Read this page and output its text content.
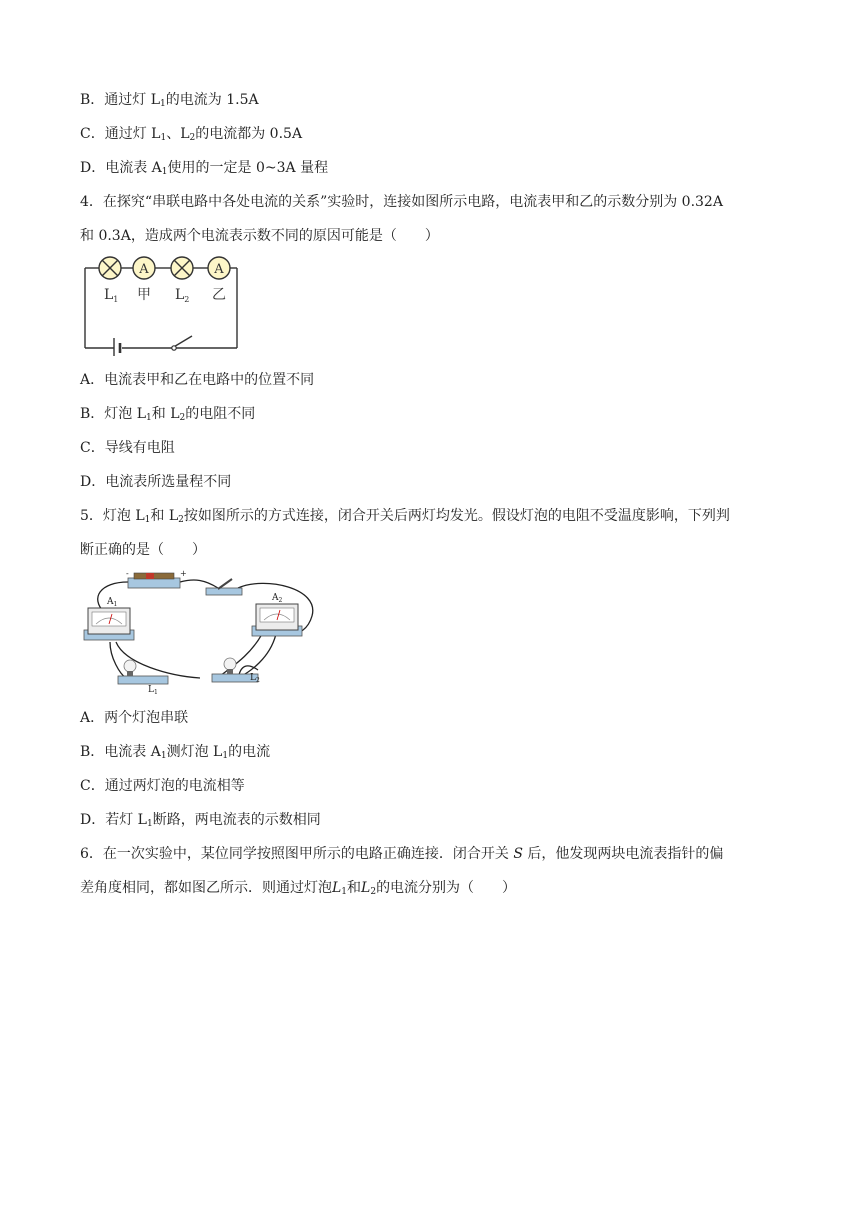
B．通过灯 $L_1$的电流为 1.5A
C．通过灯 $L_1$、$L_2$的电流都为 0.5A
D．电流表 $A_1$使用的一定是 0~3A 量程
4．在探究“串联电路中各处电流的关系”实验时，连接如图所示电路，电流表甲和乙的示数分别为 0.32A
和 0.3A，造成两个电流表示数不同的原因可能是（　　）
A	A
$L_1$ 甲 $L_2$ 乙
A．电流表甲和乙在电路中的位置不同
B．灯泡 $L_1$和 $L_2$的电阻不同
C．导线有电阻
D．电流表所选量程不同
5．灯泡 $L_1$和 $L_2$按如图所示的方式连接，闭合开关后两灯均发光。假设灯泡的电阻不受温度影响，下列判
断正确的是（　　）
-	+
$A_1$
$A_2$
$L_1$
$L_2$
A．两个灯泡串联
B．电流表 $A_1$测灯泡 $L_1$的电流
C．通过两灯泡的电流相等
D．若灯 $L_1$断路，两电流表的示数相同
6．在一次实验中，某位同学按照图甲所示的电路正确连接．闭合开关 S 后，他发现两块电流表指针的偏
差角度相同，都如图乙所示．则通过灯泡$L_1$和$L_2$的电流分别为（　　）
